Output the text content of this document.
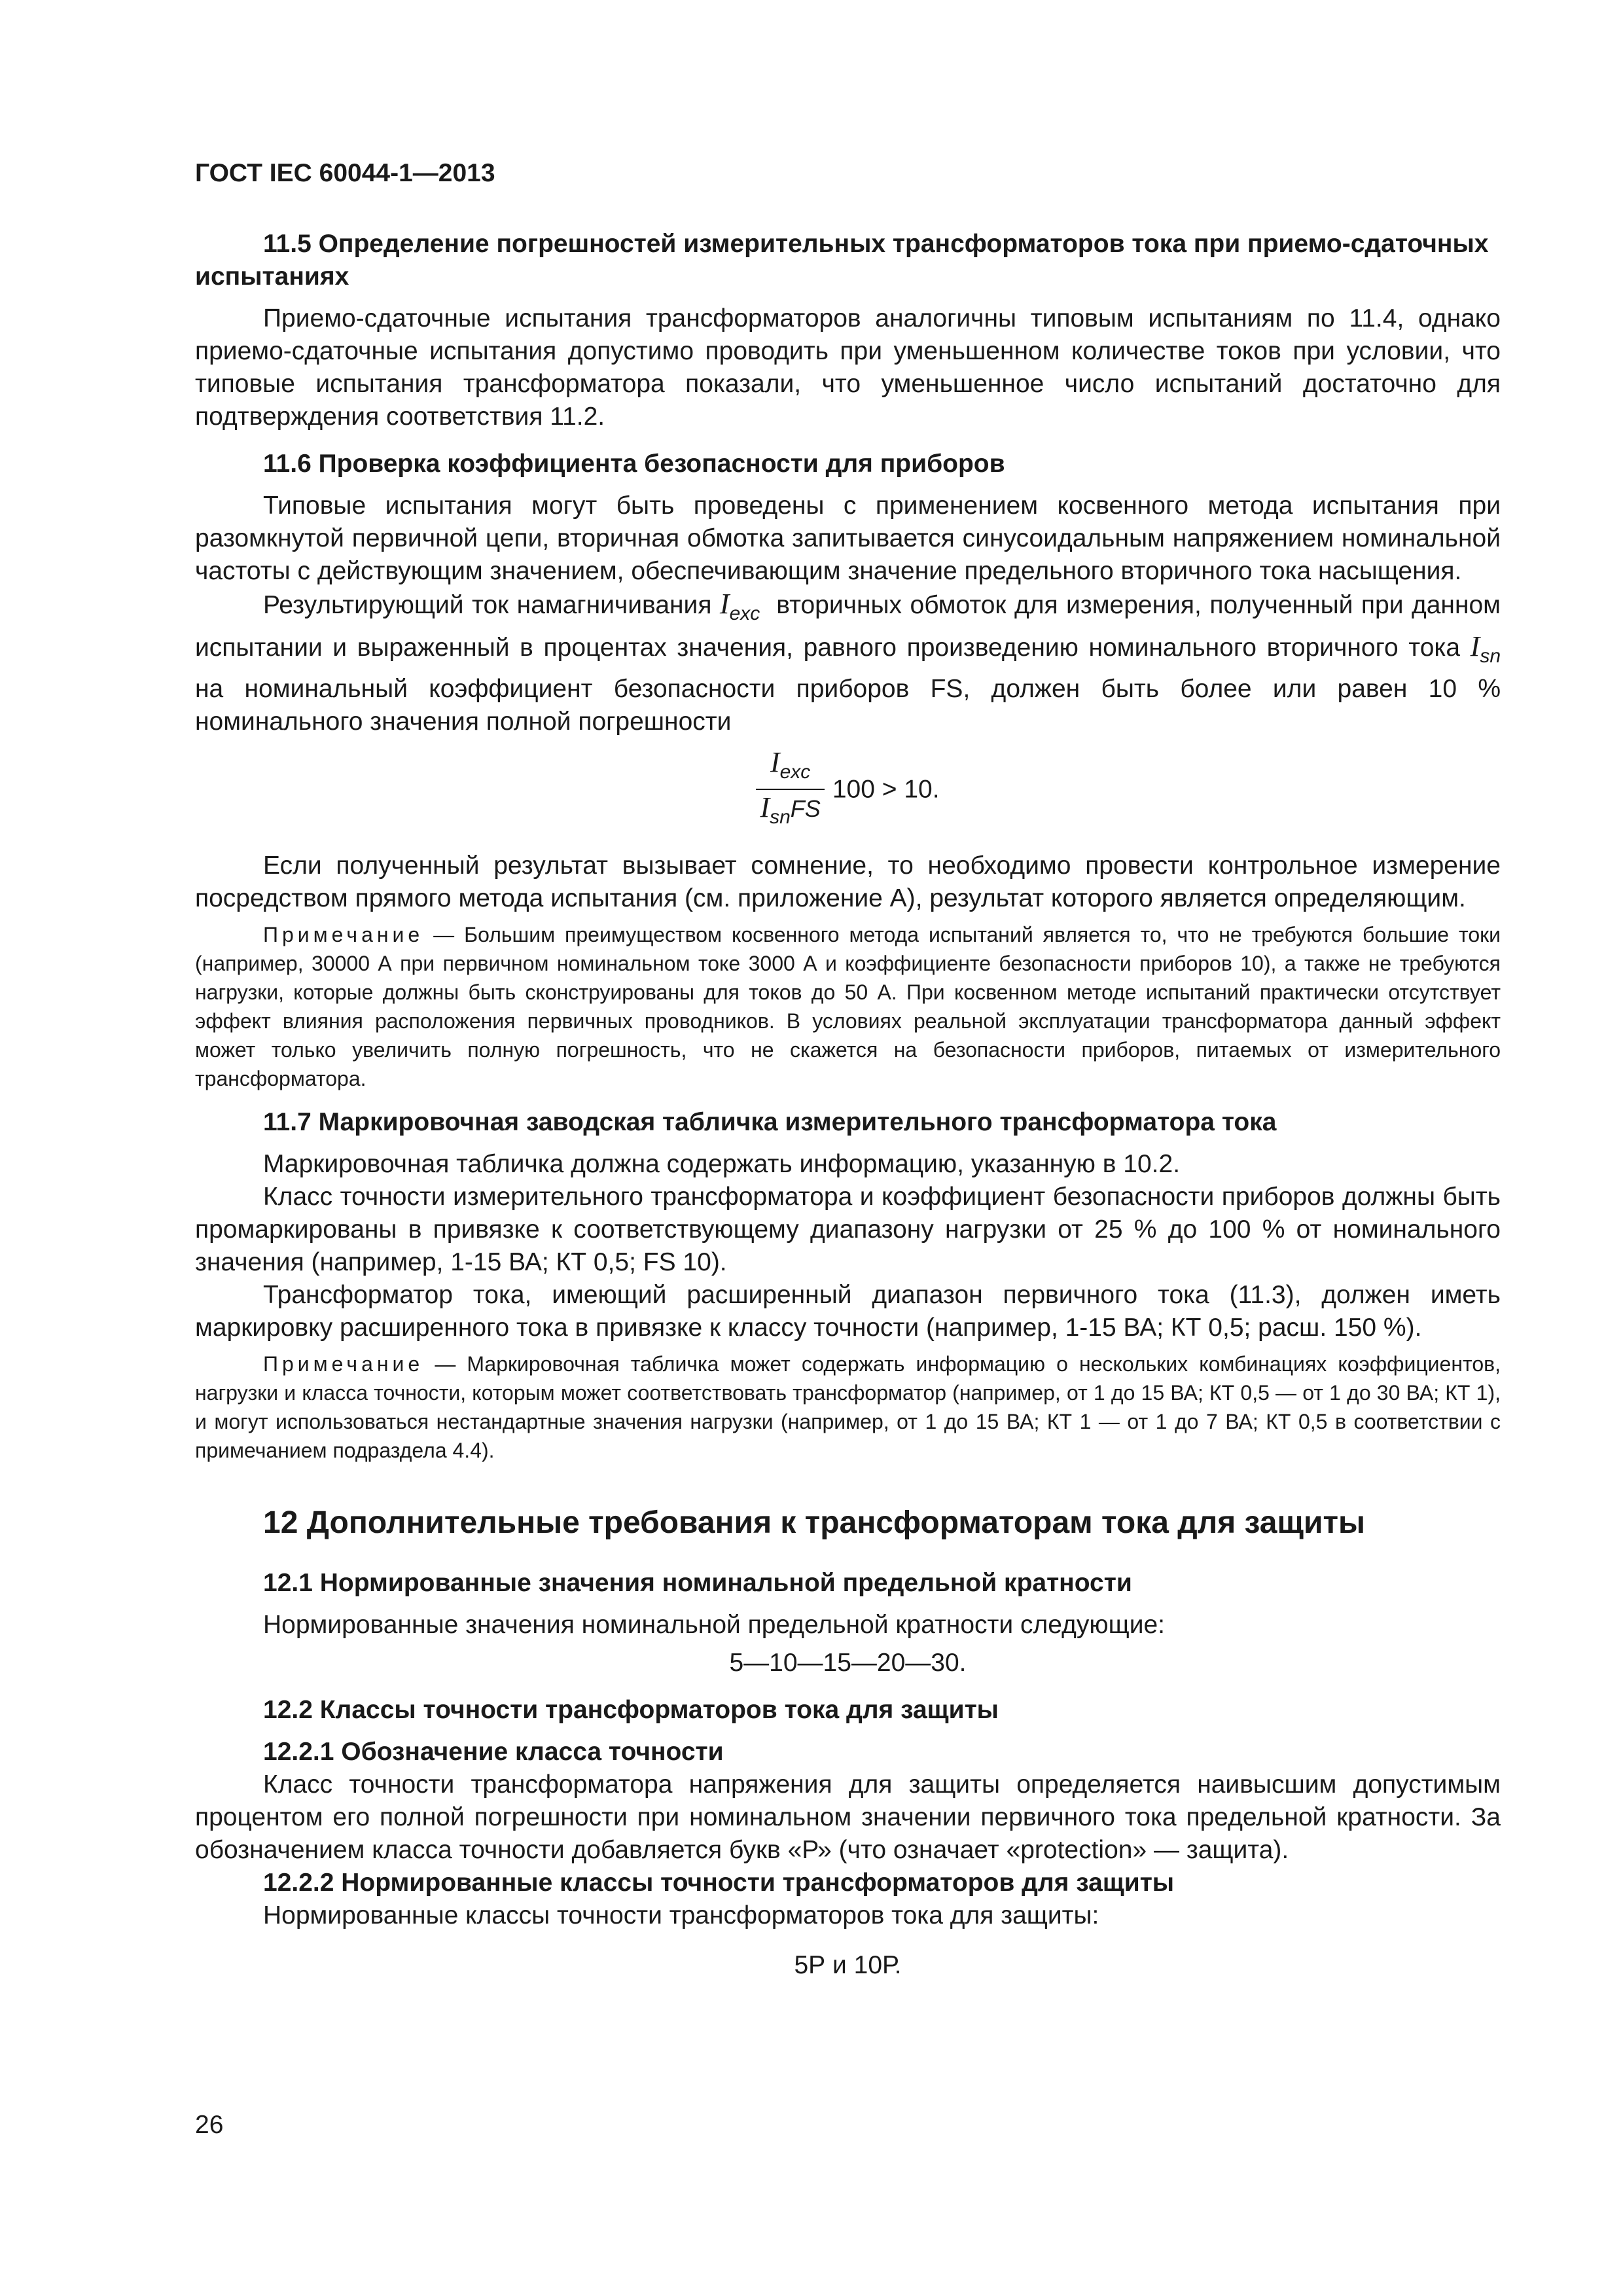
ГОСТ IEC 60044-1—2013

11.5 Определение погрешностей измерительных трансформаторов тока при приемо-сдаточных испытаниях

Приемо-сдаточные испытания трансформаторов аналогичны типовым испытаниям по 11.4, однако приемо-сдаточные испытания допустимо проводить при уменьшенном количестве токов при условии, что типовые испытания трансформатора показали, что уменьшенное число испытаний достаточно для подтверждения соответствия 11.2.

11.6 Проверка коэффициента безопасности для приборов

Типовые испытания могут быть проведены с применением косвенного метода испытания при разомкнутой первичной цепи, вторичная обмотка запитывается синусоидальным напряжением номинальной частоты с действующим значением, обеспечивающим значение предельного вторичного тока насыщения.

Результирующий ток намагничивания $I_{exc}$ вторичных обмоток для измерения, полученный при данном испытании и выраженный в процентах значения, равного произведению номинального вторичного тока $I_{sn}$ на номинальный коэффициент безопасности приборов FS, должен быть более или равен 10 % номинального значения полной погрешности

$\frac{I_{exc}}{I_{sn}FS} 100 > 10$.

Если полученный результат вызывает сомнение, то необходимо провести контрольное измерение посредством прямого метода испытания (см. приложение А), результат которого является определяющим.

Примечание — Большим преимуществом косвенного метода испытаний является то, что не требуются большие токи (например, 30000 А при первичном номинальном токе 3000 А и коэффициенте безопасности приборов 10), а также не требуются нагрузки, которые должны быть сконструированы для токов до 50 А. При косвенном методе испытаний практически отсутствует эффект влияния расположения первичных проводников. В условиях реальной эксплуатации трансформатора данный эффект может только увеличить полную погрешность, что не скажется на безопасности приборов, питаемых от измерительного трансформатора.

11.7 Маркировочная заводская табличка измерительного трансформатора тока

Маркировочная табличка должна содержать информацию, указанную в 10.2.

Класс точности измерительного трансформатора и коэффициент безопасности приборов должны быть промаркированы в привязке к соответствующему диапазону нагрузки от 25 % до 100 % от номинального значения (например, 1-15 ВА; КТ 0,5; FS 10).

Трансформатор тока, имеющий расширенный диапазон первичного тока (11.3), должен иметь маркировку расширенного тока в привязке к классу точности (например, 1-15 ВА; КТ 0,5; расш. 150 %).

Примечание — Маркировочная табличка может содержать информацию о нескольких комбинациях коэффициентов, нагрузки и класса точности, которым может соответствовать трансформатор (например, от 1 до 15 ВА; КТ 0,5 — от 1 до 30 ВА; КТ 1), и могут использоваться нестандартные значения нагрузки (например, от 1 до 15 ВА; КТ 1 — от 1 до 7 ВА; КТ 0,5 в соответствии с примечанием подраздела 4.4).

12 Дополнительные требования к трансформаторам тока для защиты

12.1 Нормированные значения номинальной предельной кратности

Нормированные значения номинальной предельной кратности следующие:

5—10—15—20—30.

12.2 Классы точности трансформаторов тока для защиты

12.2.1 Обозначение класса точности

Класс точности трансформатора напряжения для защиты определяется наивысшим допустимым процентом его полной погрешности при номинальном значении первичного тока предельной кратности. За обозначением класса точности добавляется букв «Р» (что означает «protection» — защита).

12.2.2 Нормированные классы точности трансформаторов для защиты

Нормированные классы точности трансформаторов тока для защиты:

5Р и 10Р.

26
